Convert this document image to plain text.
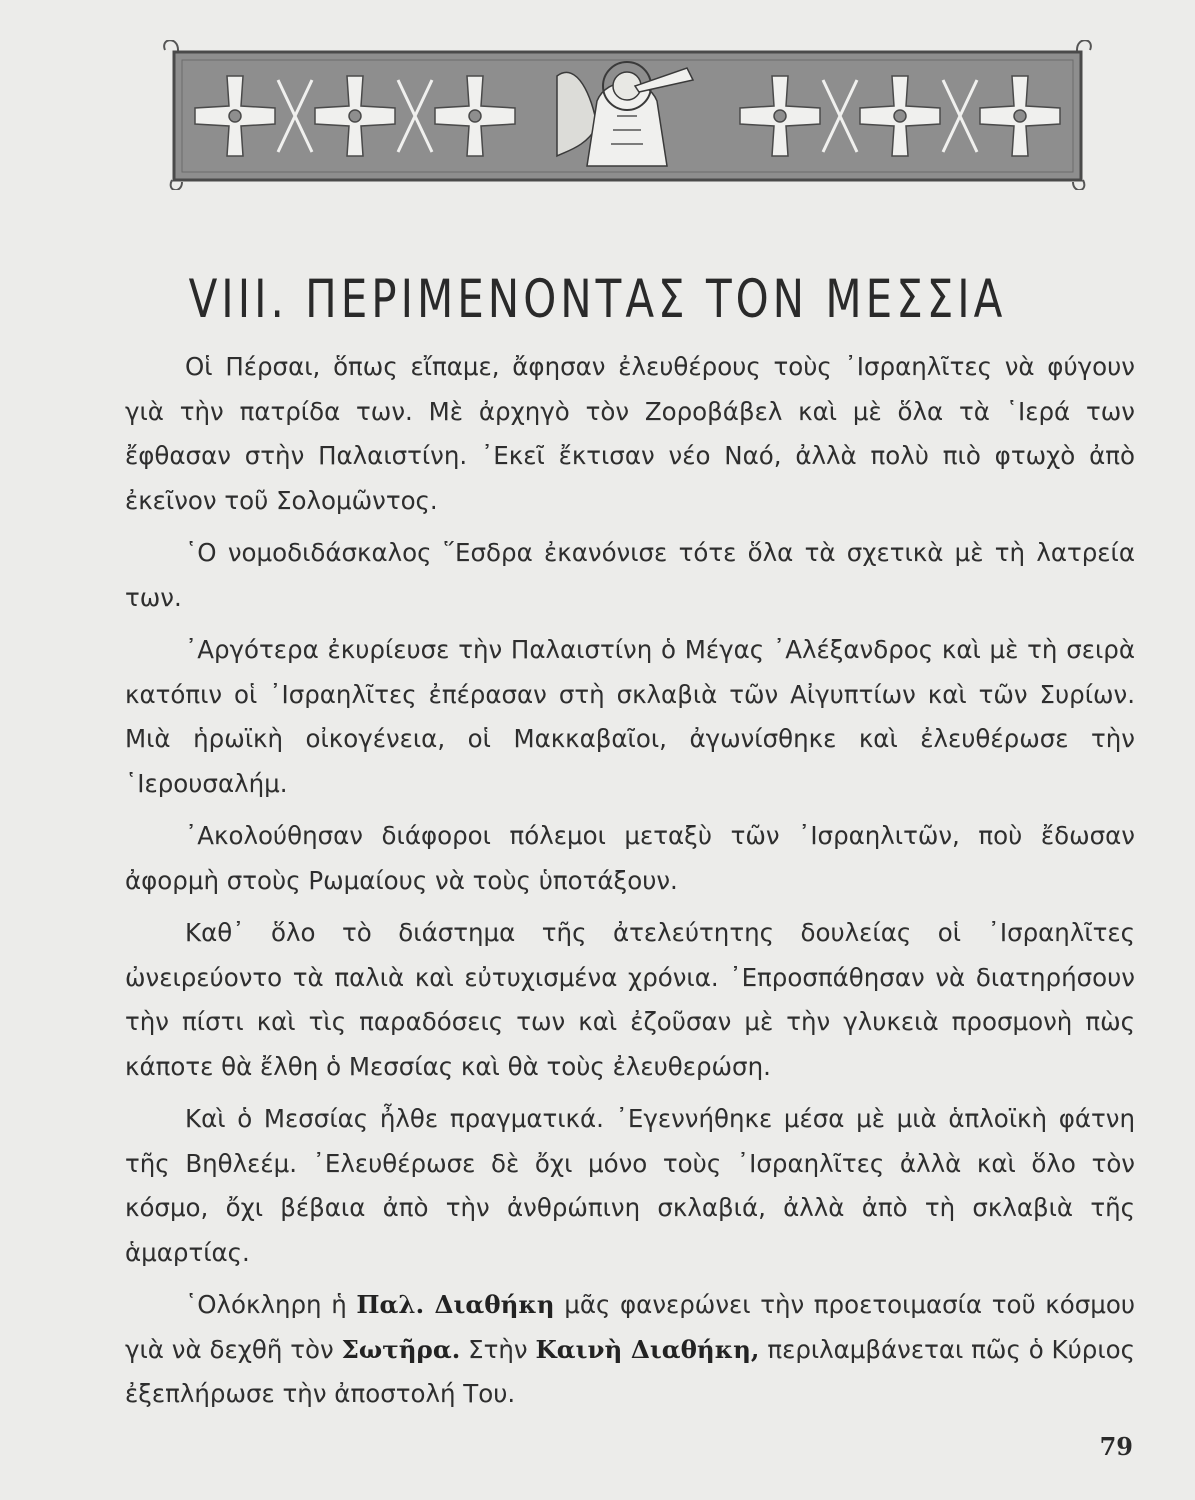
VIII. ΠΕΡΙΜΕΝΟΝΤΑΣ ΤΟΝ ΜΕΣΣΙΑ

Οἱ Πέρσαι, ὅπως εἴπαμε, ἄφησαν ἐλευθέρους τοὺς ᾿Ισραηλῖτες νὰ φύγουν γιὰ τὴν πατρίδα των. Μὲ ἀρχηγὸ τὸν Ζοροβάβελ καὶ μὲ ὅλα τὰ ῾Ιερά των ἔφθασαν στὴν Παλαιστίνη. ᾿Εκεῖ ἔκτισαν νέο Ναό, ἀλλὰ πολὺ πιὸ φτωχὸ ἀπὸ ἐκεῖνον τοῦ Σολομῶντος.

῾Ο νομοδιδάσκαλος ῞Εσδρα ἐκανόνισε τότε ὅλα τὰ σχετικὰ μὲ τὴ λατρεία των.

᾿Αργότερα ἐκυρίευσε τὴν Παλαιστίνη ὁ Μέγας ᾿Αλέξανδρος καὶ μὲ τὴ σειρὰ κατόπιν οἱ ᾿Ισραηλῖτες ἐπέρασαν στὴ σκλαβιὰ τῶν Αἰγυπτίων καὶ τῶν Συρίων. Μιὰ ἡρωϊκὴ οἰκογένεια, οἱ Μακκαβαῖοι, ἀγωνίσθηκε καὶ ἐλευθέρωσε τὴν ῾Ιερουσαλήμ.

᾿Ακολούθησαν διάφοροι πόλεμοι μεταξὺ τῶν ᾿Ισραηλιτῶν, ποὺ ἔδωσαν ἀφορμὴ στοὺς Ρωμαίους νὰ τοὺς ὑποτάξουν.

Καθ᾽ ὅλο τὸ διάστημα τῆς ἀτελεύτητης δουλείας οἱ ᾿Ισραηλῖτες ὠνειρεύοντο τὰ παλιὰ καὶ εὐτυχισμένα χρόνια. ᾿Επροσπάθησαν νὰ διατηρήσουν τὴν πίστι καὶ τὶς παραδόσεις των καὶ ἐζοῦσαν μὲ τὴν γλυκειὰ προσμονὴ πὼς κάποτε θὰ ἔλθη ὁ Μεσσίας καὶ θὰ τοὺς ἐλευθερώση.

Καὶ ὁ Μεσσίας ἦλθε πραγματικά. ᾿Εγεννήθηκε μέσα μὲ μιὰ ἁπλοϊκὴ φάτνη τῆς Βηθλεέμ. ᾿Ελευθέρωσε δὲ ὄχι μόνο τοὺς ᾿Ισραηλῖτες ἀλλὰ καὶ ὅλο τὸν κόσμο, ὄχι βέβαια ἀπὸ τὴν ἀνθρώπινη σκλαβιά, ἀλλὰ ἀπὸ τὴ σκλαβιὰ τῆς ἁμαρτίας.

῾Ολόκληρη ἡ Παλ. Διαθήκη μᾶς φανερώνει τὴν προετοιμασία τοῦ κόσμου γιὰ νὰ δεχθῆ τὸν Σωτῆρα. Στὴν Καινὴ Διαθήκη, περιλαμβάνεται πῶς ὁ Κύριος ἐξεπλήρωσε τὴν ἀποστολή Του.

79
